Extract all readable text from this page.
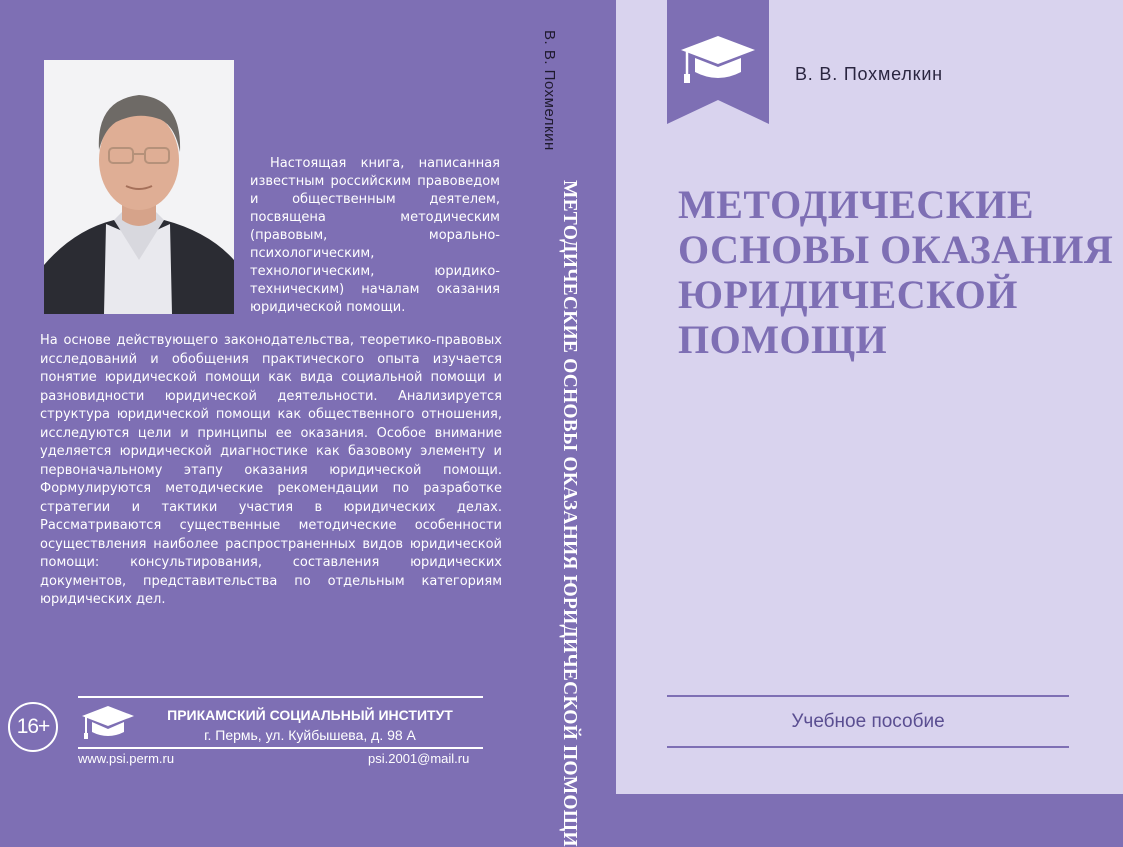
Настоящая книга, написанная известным российским правоведом и общественным деятелем, посвящена методическим (правовым, морально-психологическим, технологическим, юридико-техническим) началам оказания юридической помощи.

На основе действующего законодательства, теоретико-правовых исследований и обобщения практического опыта изучается понятие юридической помощи как вида социальной помощи и разновидности юридической деятельности. Анализируется структура юридической помощи как общественного отношения, исследуются цели и принципы ее оказания. Особое внимание уделяется юридической диагностике как базовому элементу и первоначальному этапу оказания юридической помощи. Формулируются методические рекомендации по разработке стратегии и тактики участия в юридических делах. Рассматриваются существенные методические особенности осуществления наиболее распространенных видов юридической помощи: консультирования, составления юридических документов, представительства по отдельным категориям юридических дел.

16+	ПРИКАМСКИЙ СОЦИАЛЬНЫЙ ИНСТИТУТ
г. Пермь, ул. Куйбышева, д. 98 А
www.psi.perm.ru	psi.2001@mail.ru
В. В. Похмелкин
МЕТОДИЧЕСКИЕ ОСНОВЫ ОКАЗАНИЯ ЮРИДИЧЕСКОЙ ПОМОЩИ
В. В. Похмелкин
МЕТОДИЧЕСКИЕ
ОСНОВЫ ОКАЗАНИЯ
ЮРИДИЧЕСКОЙ
ПОМОЩИ
Учебное пособие
